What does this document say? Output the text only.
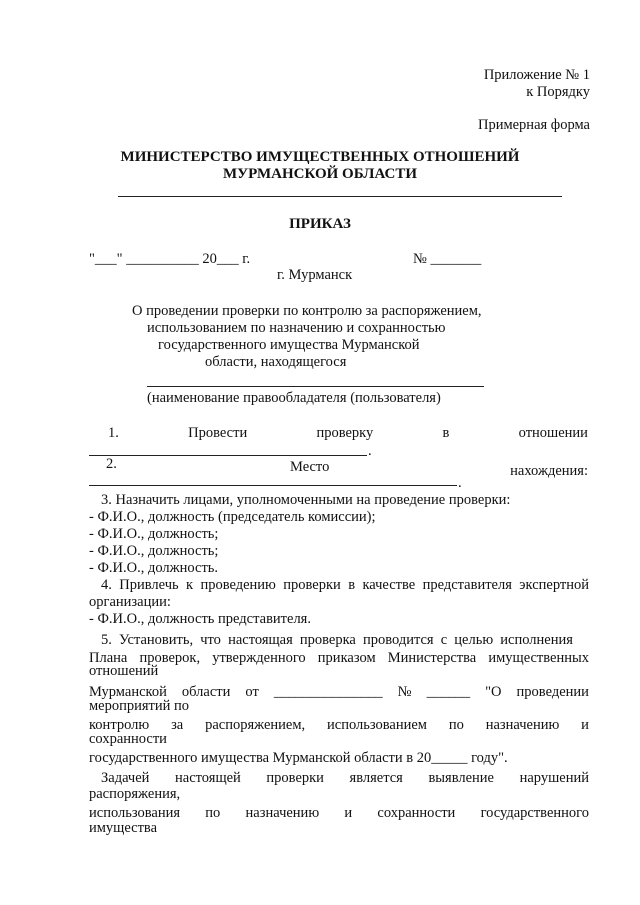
Приложение № 1
к Порядку
Примерная форма
МИНИСТЕРСТВО ИМУЩЕСТВЕННЫХ ОТНОШЕНИЙ
МУРМАНСКОЙ ОБЛАСТИ
ПРИКАЗ
"___" __________ 20___ г.	№ _______
г. Мурманск
О проведении проверки по контролю за распоряжением,
использованием по назначению и сохранностью
государственного имущества Мурманской
области, находящегося
(наименование правообладателя (пользователя)
1.	Провести	проверку	в	отношении
.
2.	Место	нахождения:
.
3. Назначить лицами, уполномоченными на проведение проверки:
- Ф.И.О., должность (председатель комиссии);
- Ф.И.О., должность;
- Ф.И.О., должность;
- Ф.И.О., должность.
4. Привлечь к проведению проверки в качестве представителя экспертной
организации:
- Ф.И.О., должность представителя.
5. Установить, что настоящая проверка проводится с целью исполнения
Плана проверок, утвержденного приказом Министерства имущественных
отношений
Мурманской области от _______________ № ______ "О проведении
мероприятий по
контролю за распоряжением, использованием по назначению и
сохранности
государственного имущества Мурманской области в 20_____ году".
Задачей настоящей проверки является выявление нарушений
распоряжения,
использования по назначению и сохранности государственного
имущества
